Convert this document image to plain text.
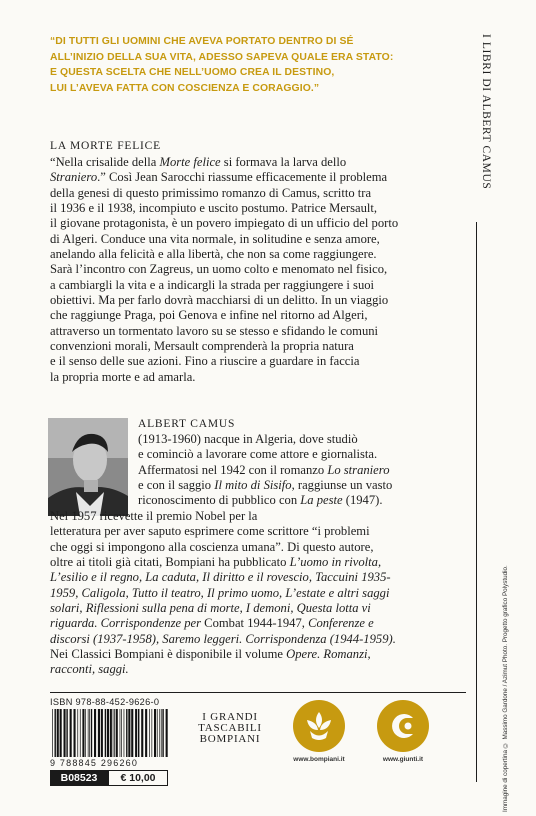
“DI TUTTI GLI UOMINI CHE AVEVA PORTATO DENTRO DI SÉ
ALL’INIZIO DELLA SUA VITA, ADESSO SAPEVA QUALE ERA STATO:
E QUESTA SCELTA CHE NELL’UOMO CREA IL DESTINO,
LUI L’AVEVA FATTA CON COSCIENZA E CORAGGIO.”	I LIBRI DI ALBERT CAMUS
LA MORTE FELICE
“Nella crisalide della Morte felice si formava la larva dello
Straniero.” Così Jean Sarocchi riassume efficacemente il problema
della genesi di questo primissimo romanzo di Camus, scritto tra
il 1936 e il 1938, incompiuto e uscito postumo. Patrice Mersault,
il giovane protagonista, è un povero impiegato di un ufficio del porto
di Algeri. Conduce una vita normale, in solitudine e senza amore,
anelando alla felicità e alla libertà, che non sa come raggiungere.
Sarà l’incontro con Zagreus, un uomo colto e menomato nel fisico,
a cambiargli la vita e a indicargli la strada per raggiungere i suoi
obiettivi. Ma per farlo dovrà macchiarsi di un delitto. In un viaggio
che raggiunge Praga, poi Genova e infine nel ritorno ad Algeri,
attraverso un tormentato lavoro su se stesso e sfidando le comuni
convenzioni morali, Mersault comprenderà la propria natura
e il senso delle sue azioni. Fino a riuscire a guardare in faccia
la propria morte e ad amarla.
ALBERT CAMUS
(1913-1960) nacque in Algeria, dove studiò
e cominciò a lavorare come attore e giornalista.
Affermatosi nel 1942 con il romanzo Lo straniero
e con il saggio Il mito di Sisifo, raggiunse un vasto
riconoscimento di pubblico con La peste (1947).
Nel 1957 ricevette il premio Nobel per la
letteratura per aver saputo esprimere come scrittore “i problemi
che oggi si impongono alla coscienza umana”. Di questo autore,
oltre ai titoli già citati, Bompiani ha pubblicato L’uomo in rivolta,
L’esilio e il regno, La caduta, Il diritto e il rovescio, Taccuini 1935-
1959, Caligola, Tutto il teatro, Il primo uomo, L’estate e altri saggi
solari, Riflessioni sulla pena di morte, I demoni, Questa lotta vi
riguarda. Corrispondenze per Combat 1944-1947, Conferenze e
discorsi (1937-1958), Saremo leggeri. Corrispondenza (1944-1959).
Nei Classici Bompiani è disponibile il volume Opere. Romanzi,
racconti, saggi.
ISBN 978-88-452-9626-0
9 788845 296260
B08523	€ 10,00
I GRANDI
TASCABILI
BOMPIANI
www.bompiani.it	www.giunti.it	Immagine di copertina © Massimo Gardone / Azimut Photo. Progetto grafico Polystudio.
